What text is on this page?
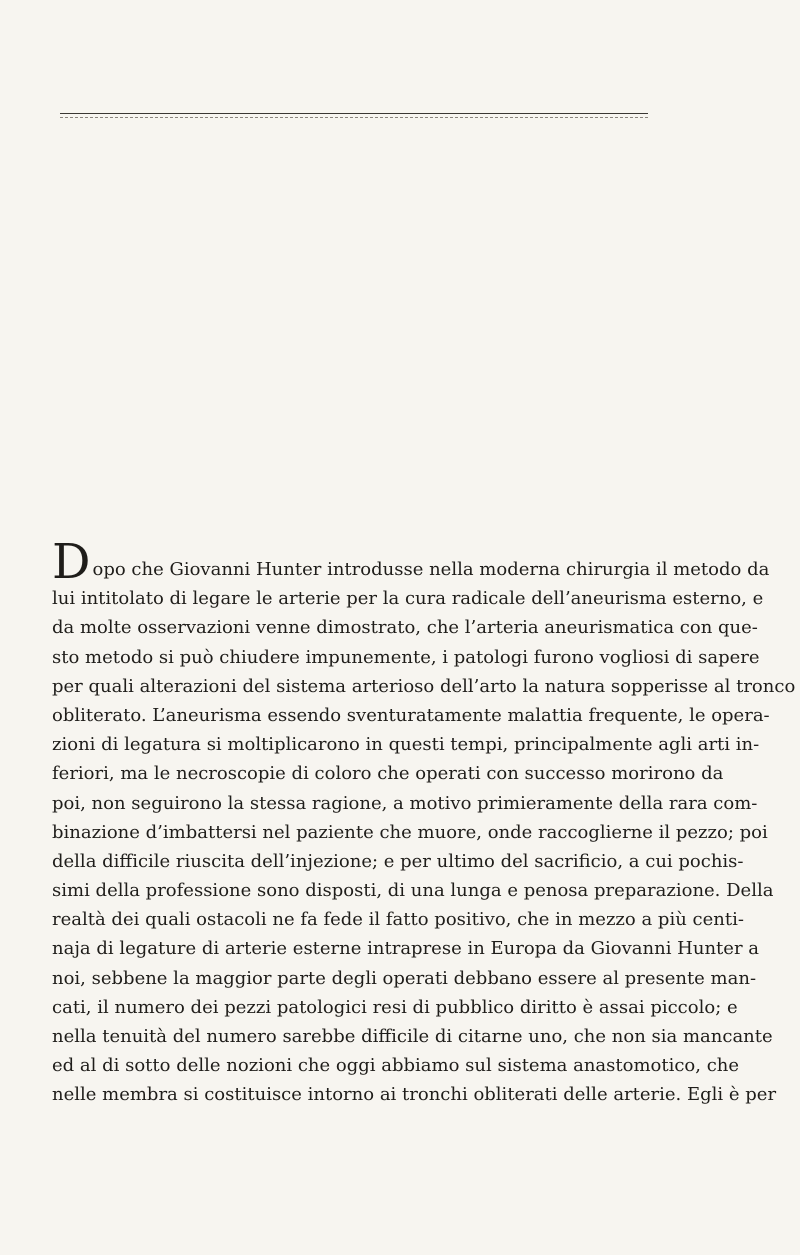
Dopo che Giovanni Hunter introdusse nella moderna chirurgia il metodo da
lui intitolato di legare le arterie per la cura radicale dell’aneurisma esterno, e
da molte osservazioni venne dimostrato, che l’arteria aneurismatica con que-
sto metodo si può chiudere impunemente, i patologi furono vogliosi di sapere
per quali alterazioni del sistema arterioso dell’arto la natura sopperisse al tronco
obliterato. L’aneurisma essendo sventuratamente malattia frequente, le opera-
zioni di legatura si moltiplicarono in questi tempi, principalmente agli arti in-
feriori, ma le necroscopie di coloro che operati con successo morirono da
poi, non seguirono la stessa ragione, a motivo primieramente della rara com-
binazione d’imbattersi nel paziente che muore, onde raccoglierne il pezzo; poi
della difficile riuscita dell’injezione; e per ultimo del sacrificio, a cui pochis-
simi della professione sono disposti, di una lunga e penosa preparazione. Della
realtà dei quali ostacoli ne fa fede il fatto positivo, che in mezzo a più centi-
naja di legature di arterie esterne intraprese in Europa da Giovanni Hunter a
noi, sebbene la maggior parte degli operati debbano essere al presente man-
cati, il numero dei pezzi patologici resi di pubblico diritto è assai piccolo; e
nella tenuità del numero sarebbe difficile di citarne uno, che non sia mancante
ed al di sotto delle nozioni che oggi abbiamo sul sistema anastomotico, che
nelle membra si costituisce intorno ai tronchi obliterati delle arterie. Egli è per
